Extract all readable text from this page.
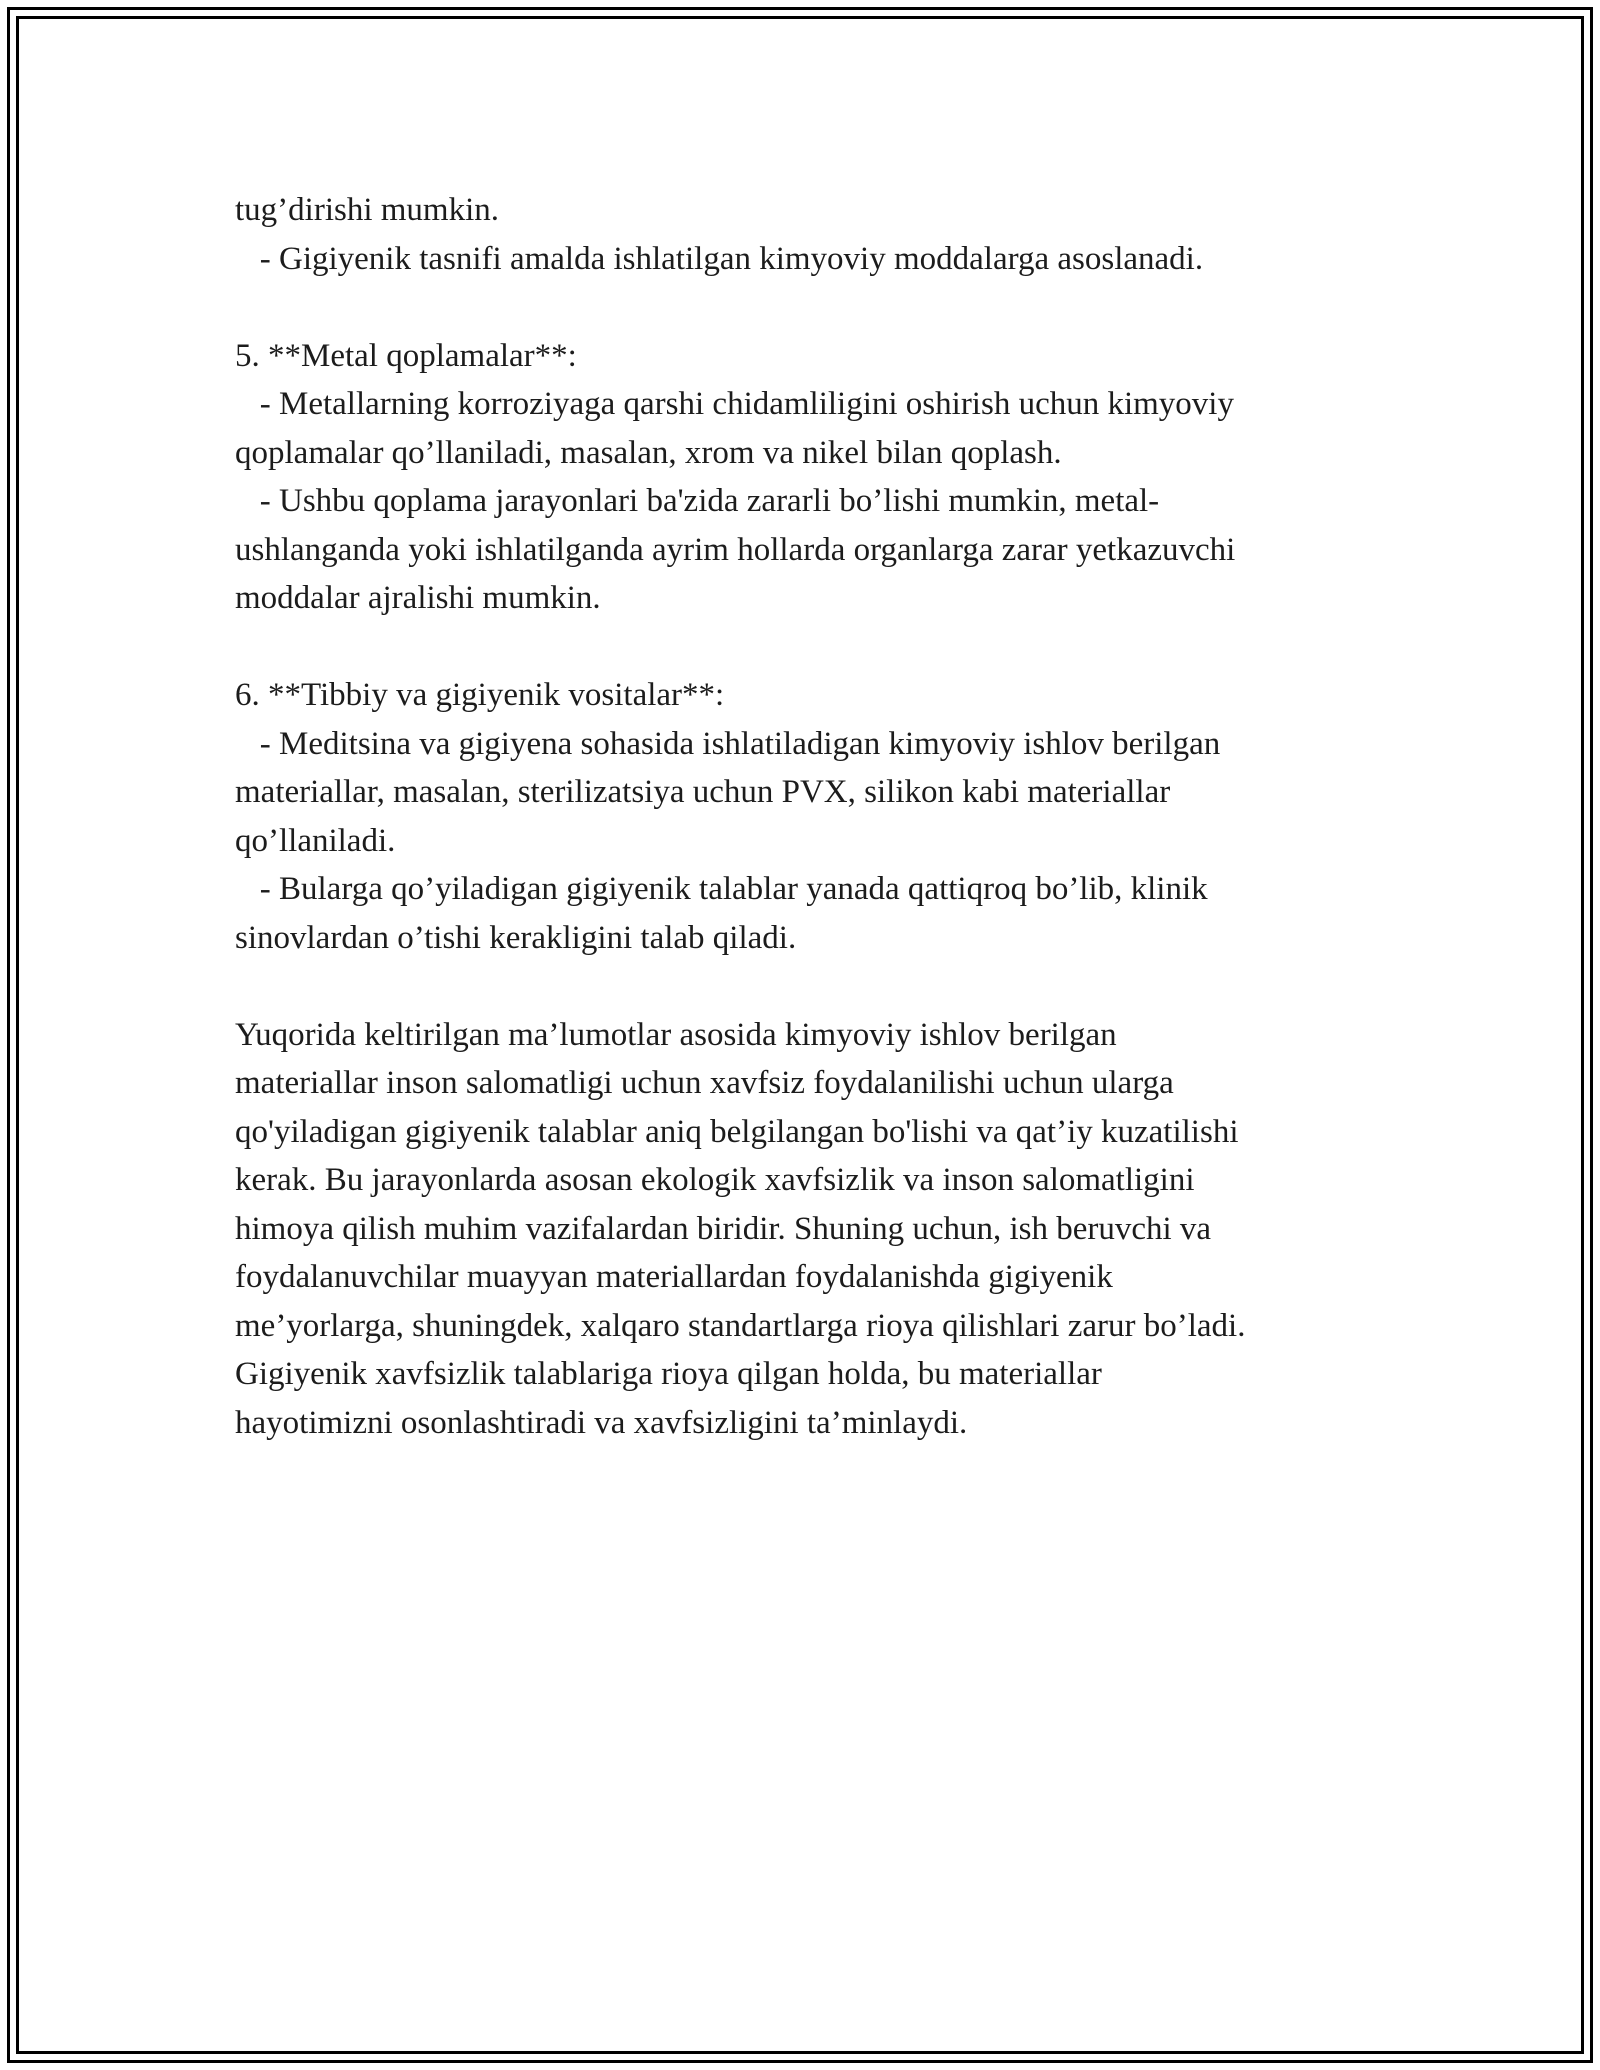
tug’dirishi mumkin.
- Gigiyenik tasnifi amalda ishlatilgan kimyoviy moddalarga asoslanadi.
5. **Metal qoplamalar**:
- Metallarning korroziyaga qarshi chidamliligini oshirish uchun kimyoviy
qoplamalar qo’llaniladi, masalan, xrom va nikel bilan qoplash.
- Ushbu qoplama jarayonlari ba'zida zararli bo’lishi mumkin, metal-
ushlanganda yoki ishlatilganda ayrim hollarda organlarga zarar yetkazuvchi
moddalar ajralishi mumkin.
6. **Tibbiy va gigiyenik vositalar**:
- Meditsina va gigiyena sohasida ishlatiladigan kimyoviy ishlov berilgan
materiallar, masalan, sterilizatsiya uchun PVX, silikon kabi materiallar
qo’llaniladi.
- Bularga qo’yiladigan gigiyenik talablar yanada qattiqroq bo’lib, klinik
sinovlardan o’tishi kerakligini talab qiladi.
Yuqorida keltirilgan ma’lumotlar asosida kimyoviy ishlov berilgan
materiallar inson salomatligi uchun xavfsiz foydalanilishi uchun ularga
qo'yiladigan gigiyenik talablar aniq belgilangan bo'lishi va qat’iy kuzatilishi
kerak. Bu jarayonlarda asosan ekologik xavfsizlik va inson salomatligini
himoya qilish muhim vazifalardan biridir. Shuning uchun, ish beruvchi va
foydalanuvchilar muayyan materiallardan foydalanishda gigiyenik
me’yorlarga, shuningdek, xalqaro standartlarga rioya qilishlari zarur bo’ladi.
Gigiyenik xavfsizlik talablariga rioya qilgan holda, bu materiallar
hayotimizni osonlashtiradi va xavfsizligini ta’minlaydi.
